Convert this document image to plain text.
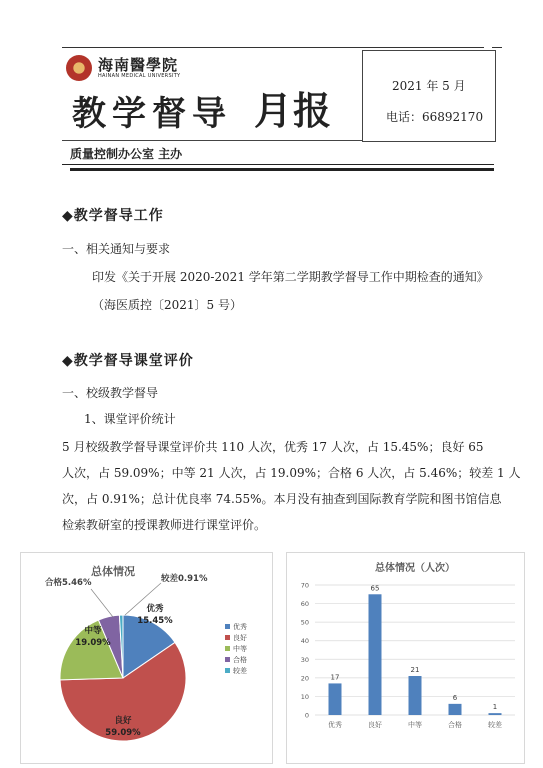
海南醫學院
HAINAN MEDICAL UNIVERSITY
教学督导 月报
2021 年 5 月
电话：66892170
质量控制办公室 主办
◆教学督导工作
一、相关通知与要求
印发《关于开展 2020-2021 学年第二学期教学督导工作中期检查的通知》
（海医质控〔2021〕5 号）
◆教学督导课堂评价
一、校级教学督导
1、课堂评价统计
5 月校级教学督导课堂评价共 110 人次，优秀 17 人次，占 15.45%；良好 65
人次，占 59.09%；中等 21 人次，占 19.09%；合格 6 人次，占 5.46%；较差 1 人
次，占 0.91%；总计优良率 74.55%。本月没有抽查到国际教育学院和图书馆信息
检索教研室的授课教师进行课堂评价。
总体情况
优秀
15.45%
良好
59.09%
中等
19.09%
合格5.46%	较差0.91%
优秀
良好
中等
合格
较差
总体情况（人次）
0
10
20
30
40
50
60
70
17
优秀
65
良好
21
中等
6
合格
1
较差
